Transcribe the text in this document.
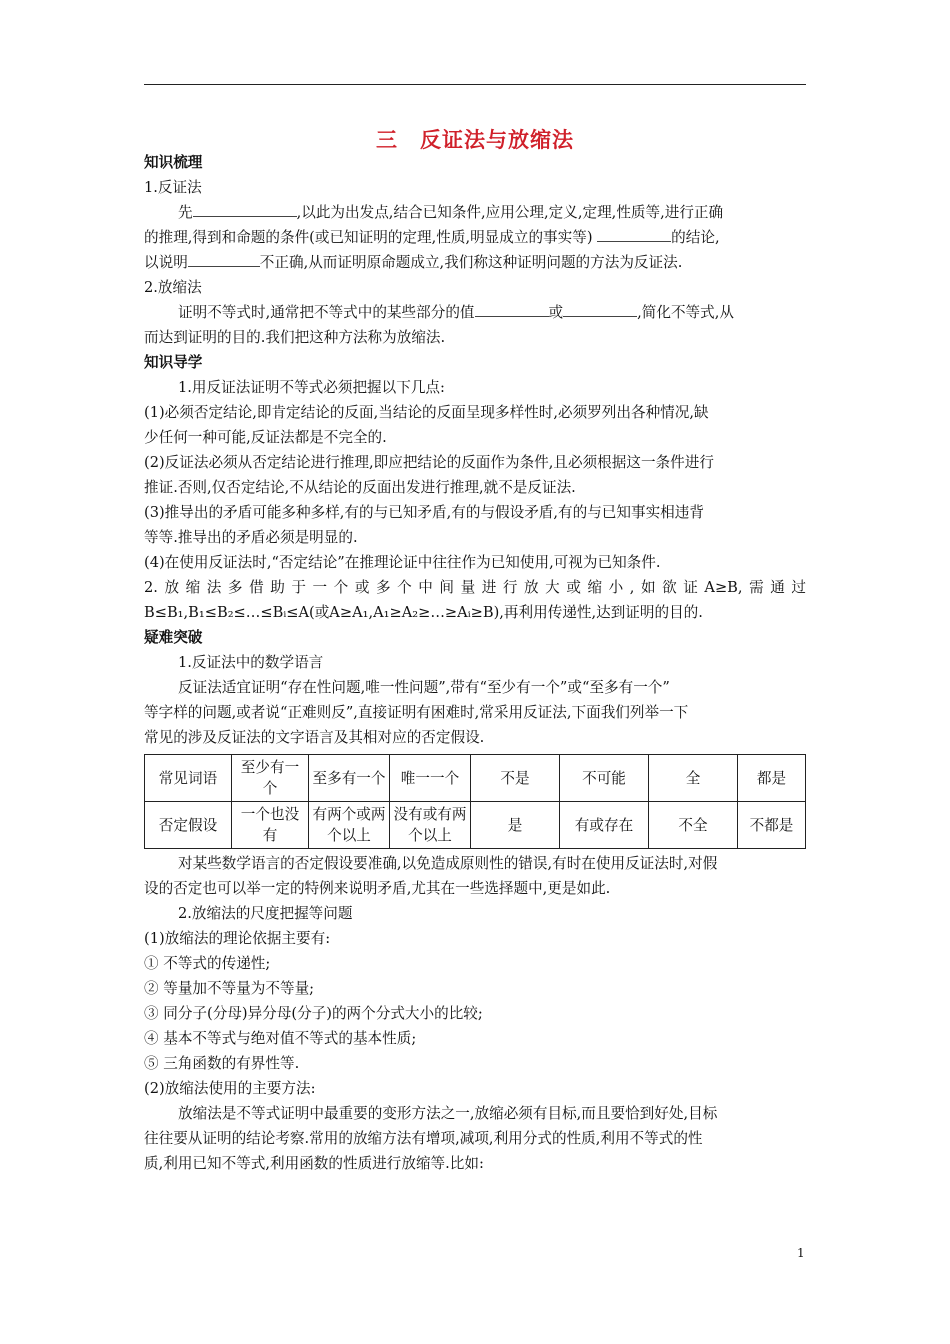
三　反证法与放缩法
知识梳理
1.反证法
先	,以此为出发点,结合已知条件,应用公理,定义,定理,性质等,进行正确
的推理,得到和命题的条件(或已知证明的定理,性质,明显成立的事实等)	的结论,
以说明	不正确,从而证明原命题成立,我们称这种证明问题的方法为反证法.
2.放缩法
证明不等式时,通常把不等式中的某些部分的值	或	,简化不等式,从
而达到证明的目的.我们把这种方法称为放缩法.
知识导学
1.用反证法证明不等式必须把握以下几点:
(1)必须否定结论,即肯定结论的反面,当结论的反面呈现多样性时,必须罗列出各种情况,缺
少任何一种可能,反证法都是不完全的.
(2)反证法必须从否定结论进行推理,即应把结论的反面作为条件,且必须根据这一条件进行
推证.否则,仅否定结论,不从结论的反面出发进行推理,就不是反证法.
(3)推导出的矛盾可能多种多样,有的与已知矛盾,有的与假设矛盾,有的与已知事实相违背
等等.推导出的矛盾必须是明显的.
(4)在使用反证法时,“否定结论”在推理论证中往往作为已知使用,可视为已知条件.
2.放缩法多借助于一个或多个中间量进行放大或缩小,如欲证A≥B,需通过
B≤B₁,B₁≤B₂≤…≤Bᵢ≤A(或A≥A₁,A₁≥A₂≥…≥Aᵢ≥B),再利用传递性,达到证明的目的.
疑难突破
1.反证法中的数学语言
反证法适宜证明“存在性问题,唯一性问题”,带有“至少有一个”或“至多有一个”
等字样的问题,或者说“正难则反”,直接证明有困难时,常采用反证法,下面我们列举一下
常见的涉及反证法的文字语言及其相对应的否定假设.
常见词语	至少有一个	至多有一个	唯一一个	不是	不可能	全	都是
否定假设	一个也没有	有两个或两个以上	没有或有两个以上	是	有或存在	不全	不都是
对某些数学语言的否定假设要准确,以免造成原则性的错误,有时在使用反证法时,对假
设的否定也可以举一定的特例来说明矛盾,尤其在一些选择题中,更是如此.
2.放缩法的尺度把握等问题
(1)放缩法的理论依据主要有:
① 不等式的传递性;
② 等量加不等量为不等量;
③ 同分子(分母)异分母(分子)的两个分式大小的比较;
④ 基本不等式与绝对值不等式的基本性质;
⑤ 三角函数的有界性等.
(2)放缩法使用的主要方法:
放缩法是不等式证明中最重要的变形方法之一,放缩必须有目标,而且要恰到好处,目标
往往要从证明的结论考察.常用的放缩方法有增项,减项,利用分式的性质,利用不等式的性
质,利用已知不等式,利用函数的性质进行放缩等.比如:
1
